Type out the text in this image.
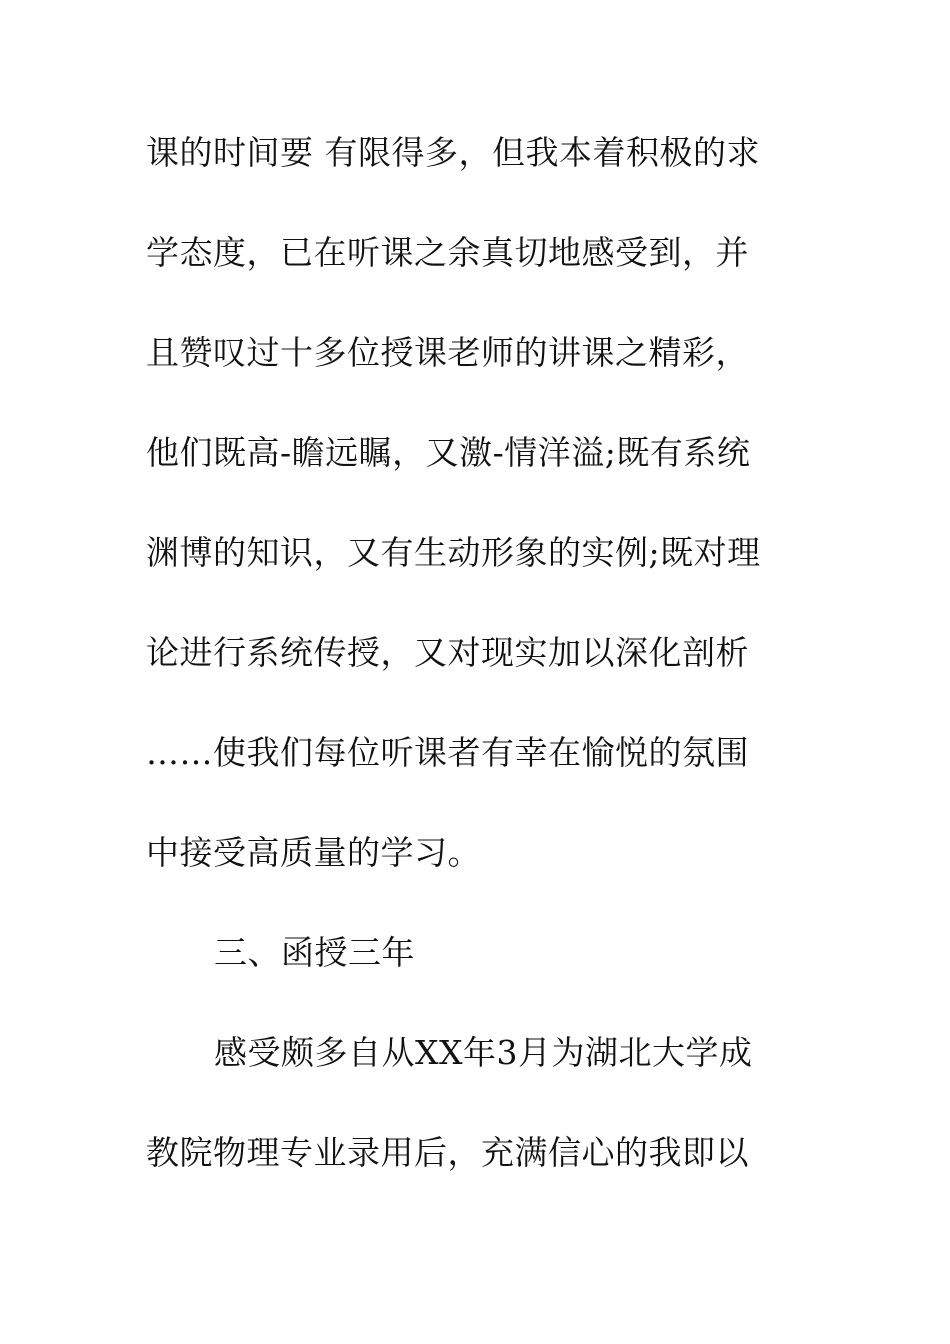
课的时间要 有限得多，但我本着积极的求
学态度，已在听课之余真切地感受到，并
且赞叹过十多位授课老师的讲课之精彩，
他们既高-瞻远瞩，又激-情洋溢;既有系统
渊博的知识，又有生动形象的实例;既对理
论进行系统传授，又对现实加以深化剖析
……使我们每位听课者有幸在愉悦的氛围
中接受高质量的学习。
三、函授三年
感受颇多自从XX年3月为湖北大学成
教院物理专业录用后，充满信心的我即以
